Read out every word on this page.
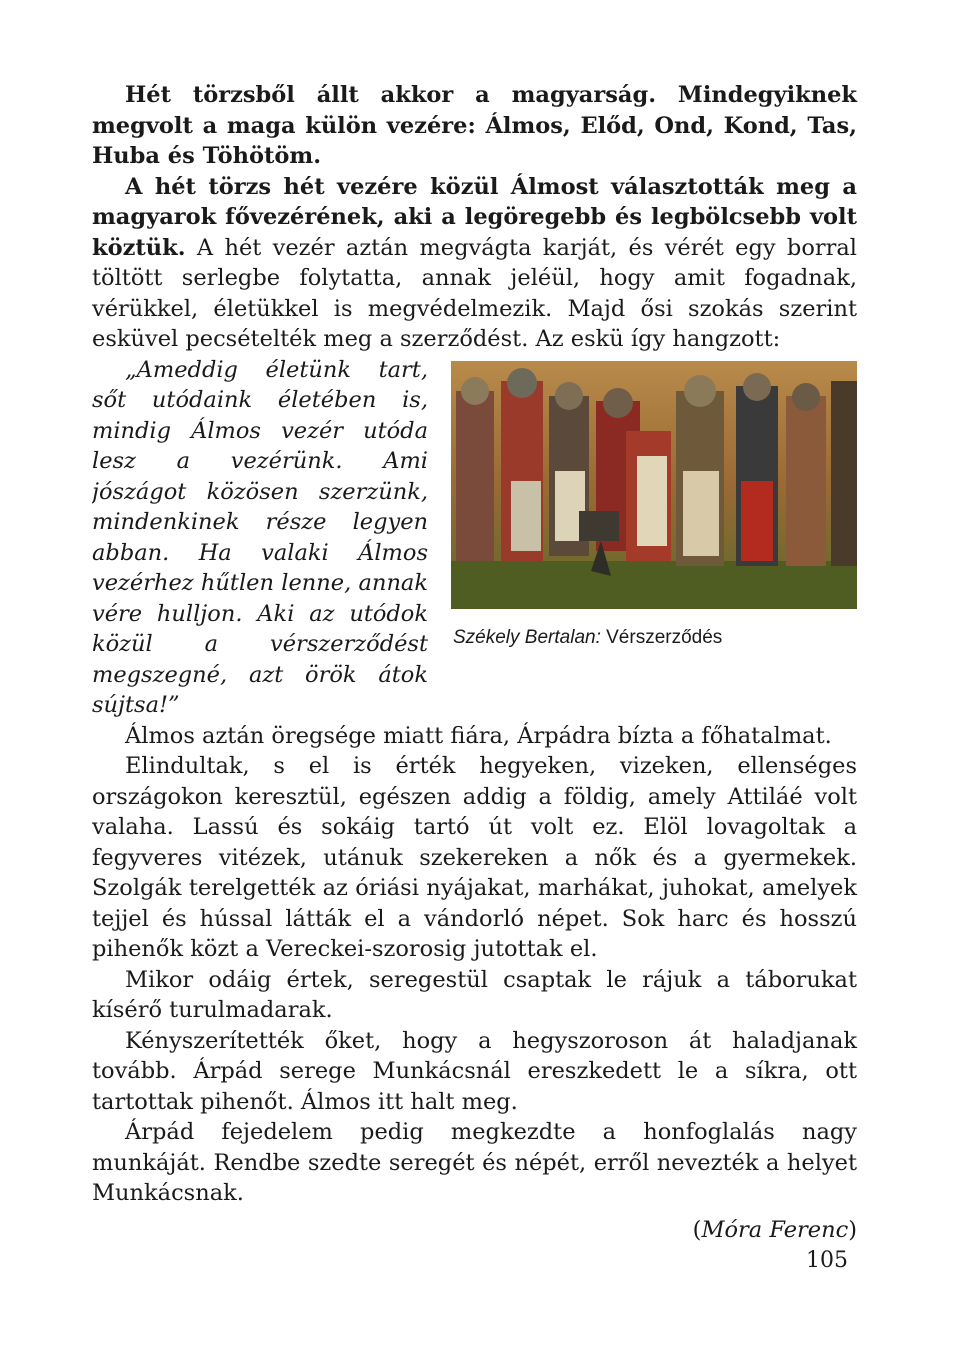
Hét törzsből állt akkor a magyarság. Mindegyiknek megvolt a maga külön vezére: Álmos, Előd, Ond, Kond, Tas, Huba és Töhötöm.

A hét törzs hét vezére közül Álmost választották meg a magyarok fővezérének, aki a legöregebb és legbölcsebb volt köztük. A hét vezér aztán megvágta karját, és vérét egy borral töltött serlegbe folytatta, annak jeléül, hogy amit fogadnak, vérükkel, életükkel is megvédelmezik. Majd ősi szokás szerint esküvel pecsételték meg a szerződést. Az eskü így hangzott:

„Ameddig életünk tart, sőt utódaink életében is, mindig Álmos vezér utóda lesz a vezérünk. Ami jószágot közösen szerzünk, mindenkinek része legyen abban. Ha valaki Álmos vezérhez hűtlen lenne, annak vére hulljon. Aki az utódok közül a vérszerződést megszegné, azt örök átok sújtsa!”

Székely Bertalan: Vérszerződés

Álmos aztán öregsége miatt fiára, Árpádra bízta a főhatalmat.

Elindultak, s el is érték hegyeken, vizeken, ellenséges országokon keresztül, egészen addig a földig, amely Attiláé volt valaha. Lassú és sokáig tartó út volt ez. Elöl lovagoltak a fegyveres vitézek, utánuk szekereken a nők és a gyermekek. Szolgák terelgették az óriási nyájakat, marhákat, juhokat, amelyek tejjel és hússal látták el a vándorló népet. Sok harc és hosszú pihenők közt a Vereckei-szorosig jutottak el.

Mikor odáig értek, seregestül csaptak le rájuk a táborukat kísérő turulmadarak.

Kényszerítették őket, hogy a hegyszoroson át haladjanak tovább. Árpád serege Munkácsnál ereszkedett le a síkra, ott tartottak pihenőt. Álmos itt halt meg.

Árpád fejedelem pedig megkezdte a honfoglalás nagy munkáját. Rendbe szedte seregét és népét, erről nevezték a helyet Munkácsnak.

(Móra Ferenc)

105
